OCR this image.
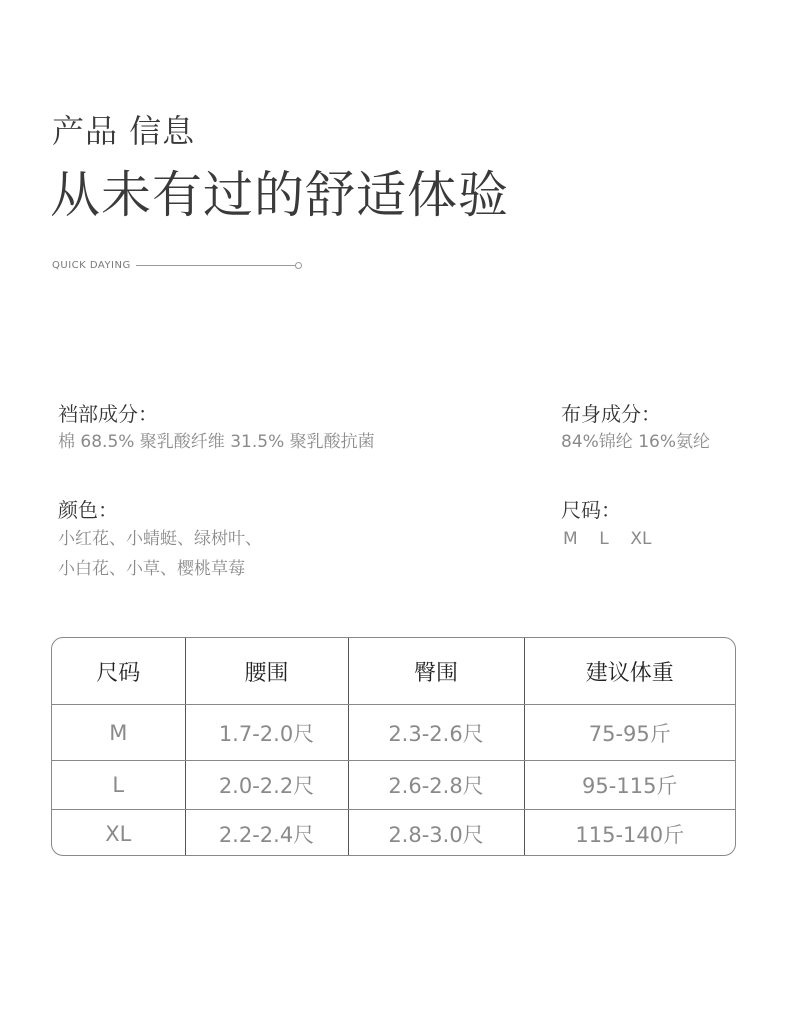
产品 信息
从未有过的舒适体验
QUICK DAYING
裆部成分：
棉 68.5% 聚乳酸纤维 31.5% 聚乳酸抗菌
布身成分：
84%锦纶 16%氨纶
颜色：
小红花、小蜻蜓、绿树叶、
小白花、小草、樱桃草莓
尺码：
M    L    XL
尺码	腰围	臀围	建议体重
M	1.7-2.0尺	2.3-2.6尺	75-95斤
L	2.0-2.2尺	2.6-2.8尺	95-115斤
XL	2.2-2.4尺	2.8-3.0尺	115-140斤
